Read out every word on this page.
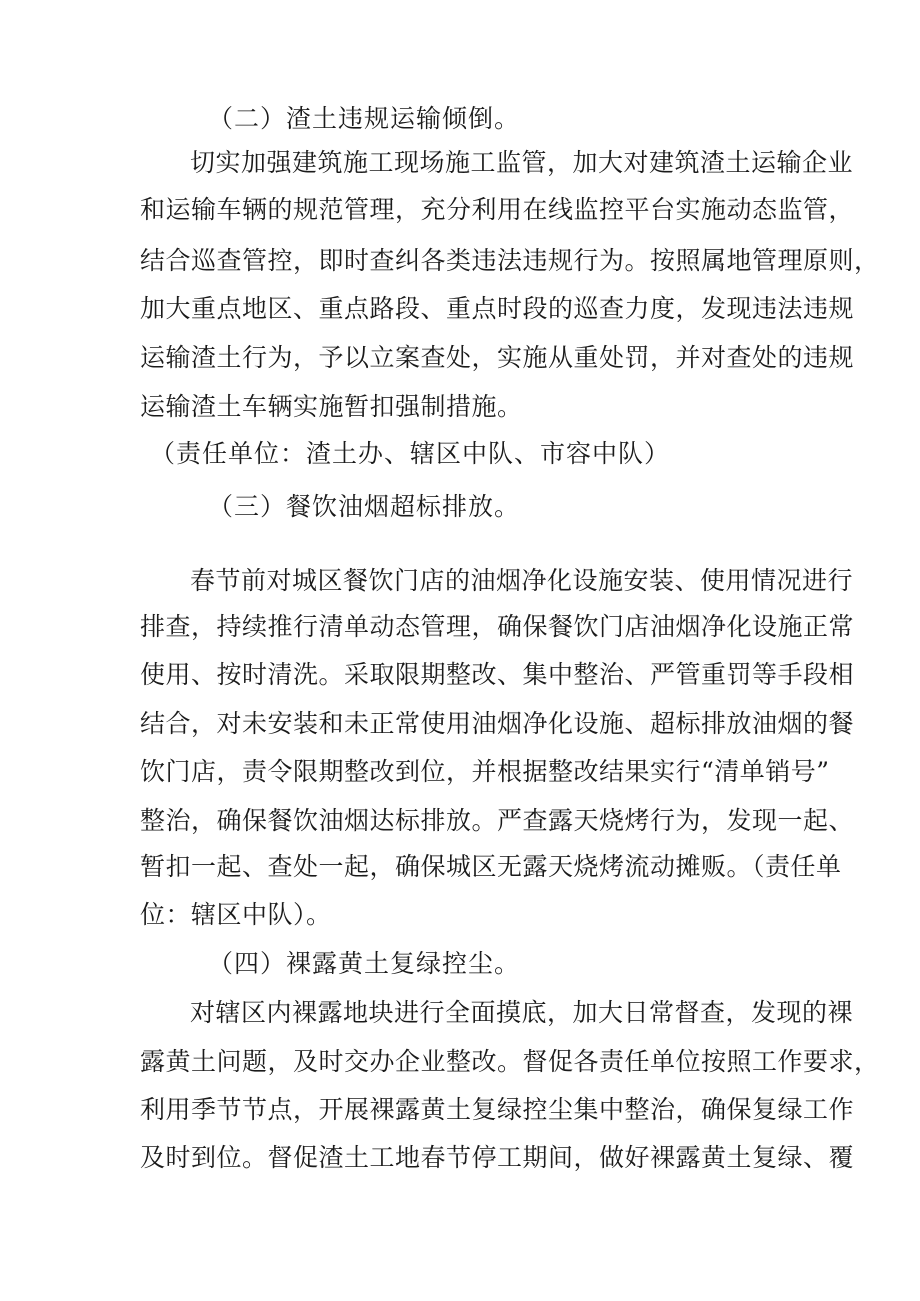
（二）渣土违规运输倾倒。
切实加强建筑施工现场施工监管，加大对建筑渣土运输企业
和运输车辆的规范管理，充分利用在线监控平台实施动态监管，
结合巡查管控，即时查纠各类违法违规行为。按照属地管理原则，
加大重点地区、重点路段、重点时段的巡查力度，发现违法违规
运输渣土行为，予以立案查处，实施从重处罚，并对查处的违规
运输渣土车辆实施暂扣强制措施。
（责任单位：渣土办、辖区中队、市容中队）
（三）餐饮油烟超标排放。
春节前对城区餐饮门店的油烟净化设施安装、使用情况进行
排查，持续推行清单动态管理，确保餐饮门店油烟净化设施正常
使用、按时清洗。采取限期整改、集中整治、严管重罚等手段相
结合，对未安装和未正常使用油烟净化设施、超标排放油烟的餐
饮门店，责令限期整改到位，并根据整改结果实行“清单销号”
整治，确保餐饮油烟达标排放。严查露天烧烤行为，发现一起、
暂扣一起、查处一起，确保城区无露天烧烤流动摊贩。（责任单
位：辖区中队）。
（四）裸露黄土复绿控尘。
对辖区内裸露地块进行全面摸底，加大日常督查，发现的裸
露黄土问题，及时交办企业整改。督促各责任单位按照工作要求，
利用季节节点，开展裸露黄土复绿控尘集中整治，确保复绿工作
及时到位。督促渣土工地春节停工期间，做好裸露黄土复绿、覆
